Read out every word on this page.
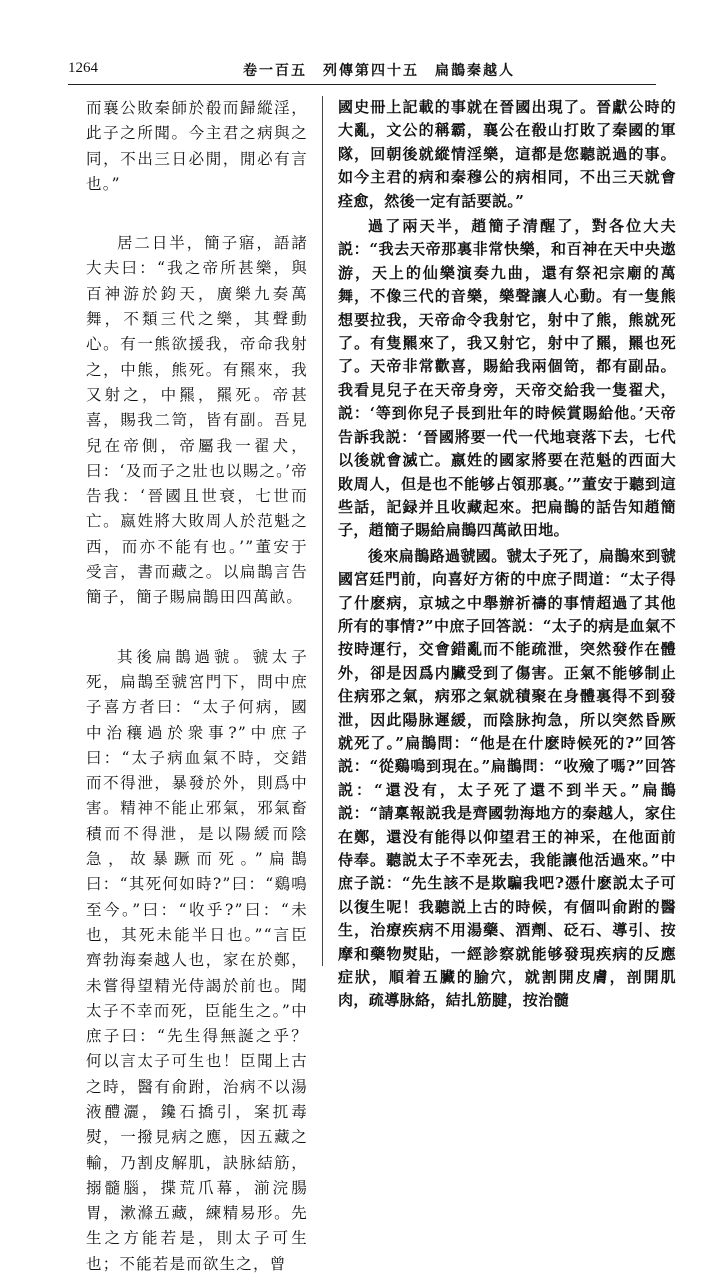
1264	卷一百五　列傳第四十五　扁鵲秦越人

而襄公敗秦師於殽而歸縱淫，此子之所聞。今主君之病與之同，不出三日必閒，閒必有言也。”

居二日半，簡子寤，語諸大夫曰：“我之帝所甚樂，與百神游於鈞天，廣樂九奏萬舞，不類三代之樂，其聲動心。有一熊欲援我，帝命我射之，中熊，熊死。有羆來，我又射之，中羆，羆死。帝甚喜，賜我二笥，皆有副。吾見兒在帝側，帝屬我一翟犬，曰：‘及而子之壯也以賜之。’帝告我：‘晉國且世衰，七世而亡。嬴姓將大敗周人於范魁之西，而亦不能有也。’”董安于受言，書而藏之。以扁鵲言告簡子，簡子賜扁鵲田四萬畝。

其後扁鵲過虢。虢太子死，扁鵲至虢宮門下，問中庶子喜方者曰：“太子何病，國中治穰過於衆事?”中庶子曰：“太子病血氣不時，交錯而不得泄，暴發於外，則爲中害。精神不能止邪氣，邪氣畜積而不得泄，是以陽緩而陰急，故暴蹶而死。”扁鵲曰：“其死何如時?”曰：“鷄鳴至今。”曰：“收乎?”曰：“未也，其死未能半日也。”“言臣齊勃海秦越人也，家在於鄭，未嘗得望精光侍謁於前也。聞太子不幸而死，臣能生之。”中庶子曰：“先生得無誕之乎？何以言太子可生也！臣聞上古之時，醫有俞跗，治病不以湯液醴灑，鑱石撟引，案扤毒熨，一撥見病之應，因五藏之輸，乃割皮解肌，訣脉結筋，搦髓腦，揲荒爪幕，湔浣腸胃，漱滌五藏，練精易形。先生之方能若是，則太子可生也；不能若是而欲生之，曾

國史冊上記載的事就在晉國出現了。晉獻公時的大亂，文公的稱霸，襄公在殽山打敗了秦國的軍隊，回朝後就縱情淫樂，這都是您聽説過的事。如今主君的病和秦穆公的病相同，不出三天就會痊愈，然後一定有話要説。”

過了兩天半，趙簡子清醒了，對各位大夫説：“我去天帝那裏非常快樂，和百神在天中央遨游，天上的仙樂演奏九曲，還有祭祀宗廟的萬舞，不像三代的音樂，樂聲讓人心動。有一隻熊想要拉我，天帝命令我射它，射中了熊，熊就死了。有隻羆來了，我又射它，射中了羆，羆也死了。天帝非常歡喜，賜給我兩個笥，都有副品。我看見兒子在天帝身旁，天帝交給我一隻翟犬，説：‘等到你兒子長到壯年的時候賞賜給他。’天帝告訴我説：‘晉國將要一代一代地衰落下去，七代以後就會滅亡。嬴姓的國家將要在范魁的西面大敗周人，但是也不能够占領那裏。’”董安于聽到這些話，記録并且收藏起來。把扁鵲的話告知趙簡子，趙簡子賜給扁鵲四萬畝田地。

後來扁鵲路過虢國。虢太子死了，扁鵲來到虢國宮廷門前，向喜好方術的中庶子問道：“太子得了什麽病，京城之中舉辦祈禱的事情超過了其他所有的事情?”中庶子回答説：“太子的病是血氣不按時運行，交會錯亂而不能疏泄，突然發作在體外，卻是因爲内臟受到了傷害。正氣不能够制止住病邪之氣，病邪之氣就積聚在身體裏得不到發泄，因此陽脉遲緩，而陰脉拘急，所以突然昏厥就死了。”扁鵲問：“他是在什麽時候死的?”回答説：“從鷄鳴到現在。”扁鵲問：“收殮了嗎?”回答説：“還没有，太子死了還不到半天。”扁鵲説：“請稟報説我是齊國勃海地方的秦越人，家住在鄭，還没有能得以仰望君王的神采，在他面前侍奉。聽説太子不幸死去，我能讓他活過來。”中庶子説：“先生該不是欺騙我吧?憑什麽説太子可以復生呢！我聽説上古的時候，有個叫俞跗的醫生，治療疾病不用湯藥、酒劑、砭石、導引、按摩和藥物熨貼，一經診察就能够發現疾病的反應症狀，順着五臟的腧穴，就割開皮膚，剖開肌肉，疏導脉絡，結扎筋腱，按治髓
